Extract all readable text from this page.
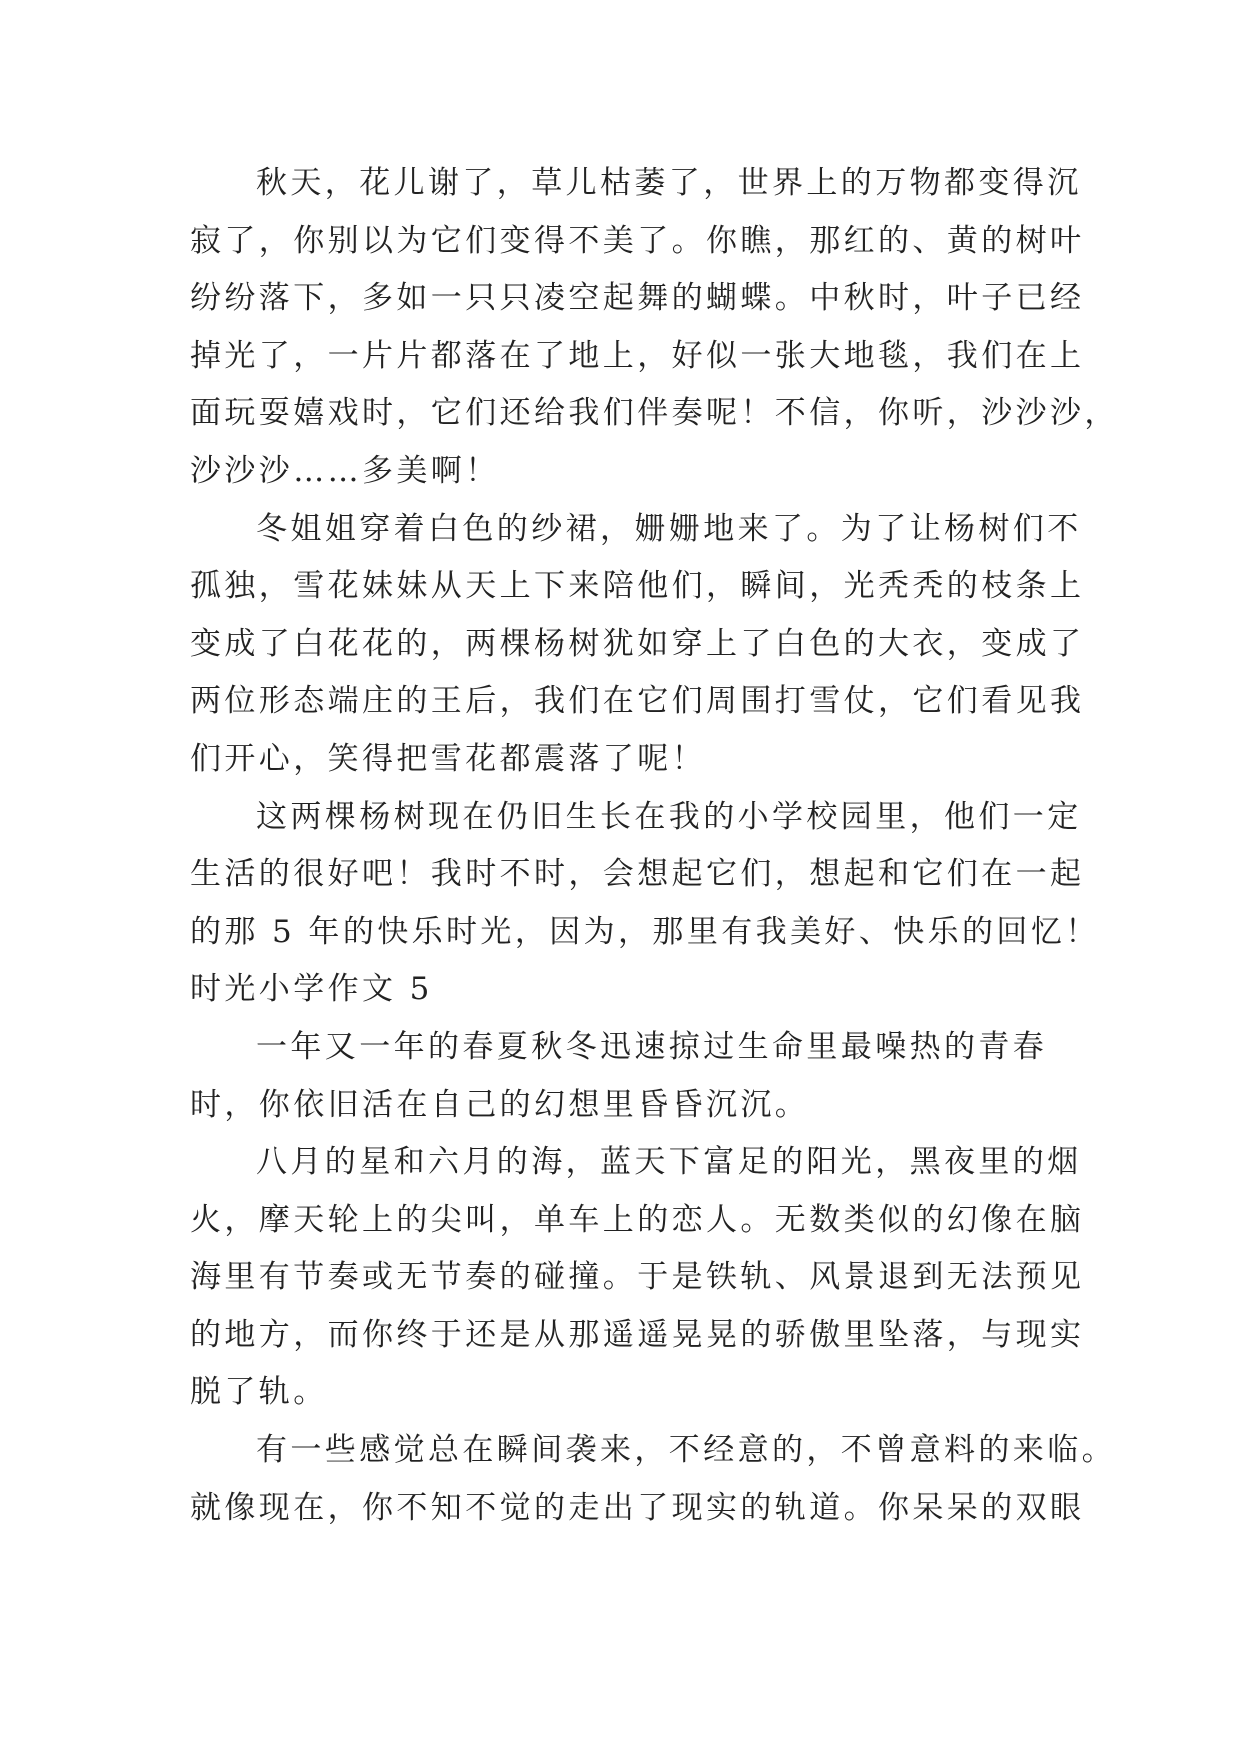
秋天，花儿谢了，草儿枯萎了，世界上的万物都变得沉
寂了，你别以为它们变得不美了。你瞧，那红的、黄的树叶
纷纷落下，多如一只只凌空起舞的蝴蝶。中秋时，叶子已经
掉光了，一片片都落在了地上，好似一张大地毯，我们在上
面玩耍嬉戏时，它们还给我们伴奏呢！不信，你听，沙沙沙，
沙沙沙……多美啊！
冬姐姐穿着白色的纱裙，姗姗地来了。为了让杨树们不
孤独，雪花妹妹从天上下来陪他们，瞬间，光秃秃的枝条上
变成了白花花的，两棵杨树犹如穿上了白色的大衣，变成了
两位形态端庄的王后，我们在它们周围打雪仗，它们看见我
们开心，笑得把雪花都震落了呢！
这两棵杨树现在仍旧生长在我的小学校园里，他们一定
生活的很好吧！我时不时，会想起它们，想起和它们在一起
的那 5 年的快乐时光，因为，那里有我美好、快乐的回忆！
时光小学作文 5
一年又一年的春夏秋冬迅速掠过生命里最噪热的青春
时，你依旧活在自己的幻想里昏昏沉沉。
八月的星和六月的海，蓝天下富足的阳光，黑夜里的烟
火，摩天轮上的尖叫，单车上的恋人。无数类似的幻像在脑
海里有节奏或无节奏的碰撞。于是铁轨、风景退到无法预见
的地方，而你终于还是从那遥遥晃晃的骄傲里坠落，与现实
脱了轨。
有一些感觉总在瞬间袭来，不经意的，不曾意料的来临。
就像现在，你不知不觉的走出了现实的轨道。你呆呆的双眼
